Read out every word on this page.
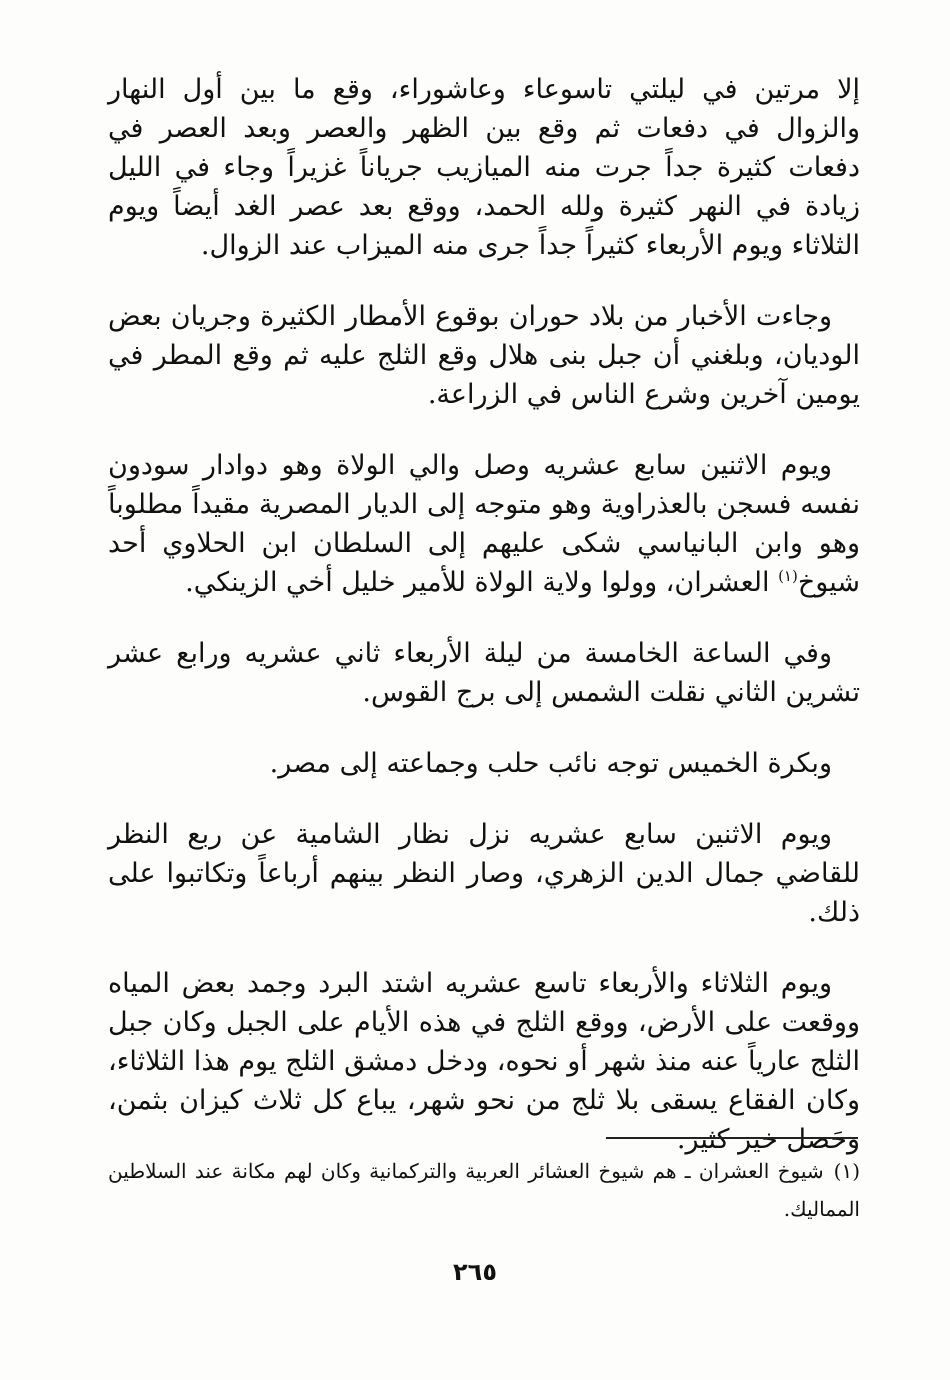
إلا مرتين في ليلتي تاسوعاء وعاشوراء، وقع ما بين أول النهار والزوال في دفعات ثم وقع بين الظهر والعصر وبعد العصر في دفعات كثيرة جداً جرت منه الميازيب جرياناً غزيراً وجاء في الليل زيادة في النهر كثيرة ولله الحمد، ووقع بعد عصر الغد أيضاً ويوم الثلاثاء ويوم الأربعاء كثيراً جداً جرى منه الميزاب عند الزوال.

وجاءت الأخبار من بلاد حوران بوقوع الأمطار الكثيرة وجريان بعض الوديان، وبلغني أن جبل بنى هلال وقع الثلج عليه ثم وقع المطر في يومين آخرين وشرع الناس في الزراعة.

ويوم الاثنين سابع عشريه وصل والي الولاة وهو دوادار سودون نفسه فسجن بالعذراوية وهو متوجه إلى الديار المصرية مقيداً مطلوباً وهو وابن البانياسي شكى عليهم إلى السلطان ابن الحلاوي أحد شيوخ$^{(١)}$ العشران، وولوا ولاية الولاة للأمير خليل أخي الزينكي.

وفي الساعة الخامسة من ليلة الأربعاء ثاني عشريه ورابع عشر تشرين الثاني نقلت الشمس إلى برج القوس.

وبكرة الخميس توجه نائب حلب وجماعته إلى مصر.

ويوم الاثنين سابع عشريه نزل نظار الشامية عن ربع النظر للقاضي جمال الدين الزهري، وصار النظر بينهم أرباعاً وتكاتبوا على ذلك.

ويوم الثلاثاء والأربعاء تاسع عشريه اشتد البرد وجمد بعض المياه ووقعت على الأرض، ووقع الثلج في هذه الأيام على الجبل وكان جبل الثلج عارياً عنه منذ شهر أو نحوه، ودخل دمشق الثلج يوم هذا الثلاثاء، وكان الفقاع يسقى بلا ثلج من نحو شهر، يباع كل ثلاث كيزان بثمن، وحَصل خير كثير.

(١)شيوخ العشران ـ هم شيوخ العشائر العربية والتركمانية وكان لهم مكانة عند السلاطين المماليك.
٢٦٥
